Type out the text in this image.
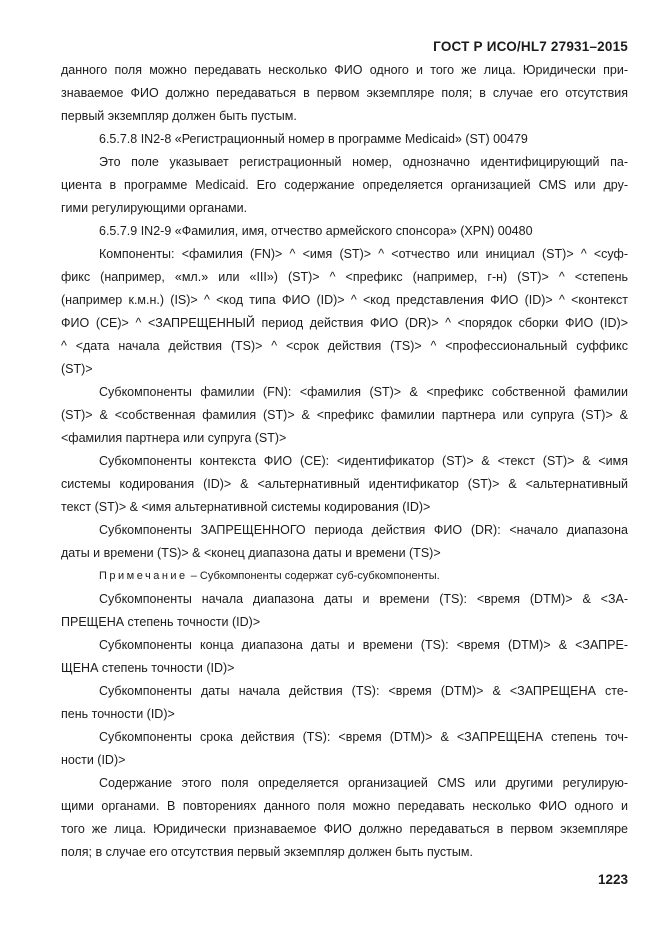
ГОСТ Р ИСО/HL7 27931–2015
данного поля можно передавать несколько ФИО одного и того же лица. Юридически при-
знаваемое ФИО должно передаваться в первом экземпляре поля; в случае его отсутствия
первый экземпляр должен быть пустым.
6.5.7.8 IN2-8 «Регистрационный номер в программе Medicaid» (ST) 00479
Это поле указывает регистрационный номер, однозначно идентифицирующий па-
циента в программе Medicaid. Его содержание определяется организацией CMS или дру-
гими регулирующими органами.
6.5.7.9 IN2-9 «Фамилия, имя, отчество армейского спонсора» (XPN) 00480
Компоненты: <фамилия (FN)> ^ <имя (ST)> ^ <отчество или инициал (ST)> ^ <суф-
фикс (например, «мл.» или «III») (ST)> ^ <префикс (например, г-н) (ST)> ^ <степень
(например к.м.н.) (IS)> ^ <код типа ФИО (ID)> ^ <код представления ФИО (ID)> ^ <контекст
ФИО (CE)> ^ <ЗАПРЕЩЕННЫЙ период действия ФИО (DR)> ^ <порядок сборки ФИО (ID)>
^ <дата начала действия (TS)> ^ <срок действия (TS)> ^ <профессиональный суффикс
(ST)>
Субкомпоненты фамилии (FN): <фамилия (ST)> & <префикс собственной фамилии
(ST)> & <собственная фамилия (ST)> & <префикс фамилии партнера или супруга (ST)> &
<фамилия партнера или супруга (ST)>
Субкомпоненты контекста ФИО (CE): <идентификатор (ST)> & <текст (ST)> & <имя
системы кодирования (ID)> & <альтернативный идентификатор (ST)> & <альтернативный
текст (ST)> & <имя альтернативной системы кодирования (ID)>
Субкомпоненты ЗАПРЕЩЕННОГО периода действия ФИО (DR): <начало диапазона
даты и времени (TS)> & <конец диапазона даты и времени (TS)>
Примечание – Субкомпоненты содержат суб-субкомпоненты.
Субкомпоненты начала диапазона даты и времени (TS): <время (DTM)> & <ЗА-
ПРЕЩЕНА степень точности (ID)>
Субкомпоненты конца диапазона даты и времени (TS): <время (DTM)> & <ЗАПРЕ-
ЩЕНА степень точности (ID)>
Субкомпоненты даты начала действия (TS): <время (DTM)> & <ЗАПРЕЩЕНА сте-
пень точности (ID)>
Субкомпоненты срока действия (TS): <время (DTM)> & <ЗАПРЕЩЕНА степень точ-
ности (ID)>
Содержание этого поля определяется организацией CMS или другими регулирую-
щими органами. В повторениях данного поля можно передавать несколько ФИО одного и
того же лица. Юридически признаваемое ФИО должно передаваться в первом экземпляре
поля; в случае его отсутствия первый экземпляр должен быть пустым.
1223
